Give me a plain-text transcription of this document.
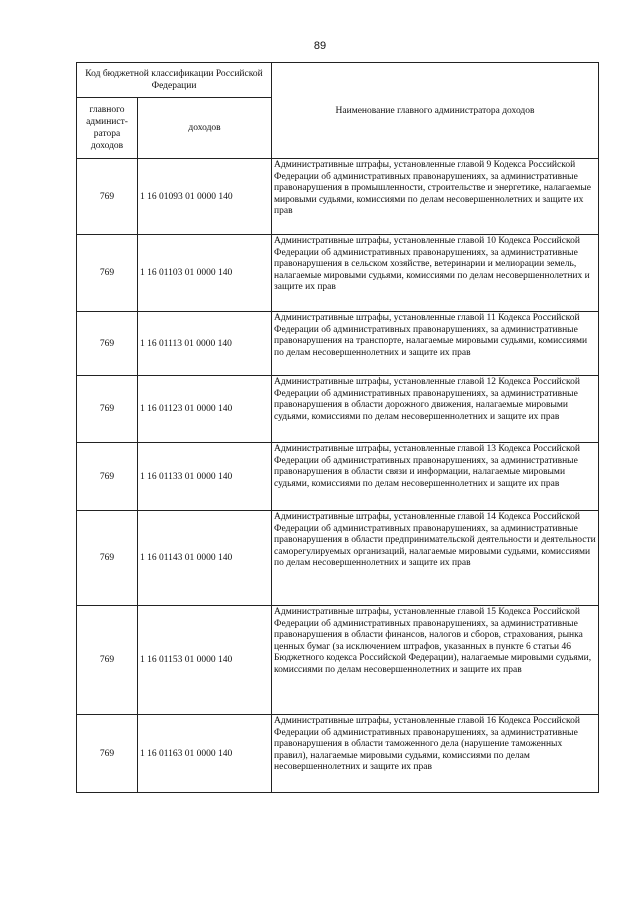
89
Код бюджетной классификации Российской Федерации		Наименование главного администратора доходов
главного админист-ратора доходов	доходов	
769	1 16 01093 01 0000 140	Административные штрафы, установленные главой 9 Кодекса Российской Федерации об административных правонарушениях, за административные правонарушения в промышленности, строительстве и энергетике, налагаемые мировыми судьями, комиссиями по делам несовершеннолетних и защите их прав
769	1 16 01103 01 0000 140	Административные штрафы, установленные главой 10 Кодекса Российской Федерации об административных правонарушениях, за административные правонарушения в сельском хозяйстве, ветеринарии и мелиорации земель, налагаемые мировыми судьями, комиссиями по делам несовершеннолетних и защите их прав
769	1 16 01113 01 0000 140	Административные штрафы, установленные главой 11 Кодекса Российской Федерации об административных правонарушениях, за административные правонарушения на транспорте, налагаемые мировыми судьями, комиссиями по делам несовершеннолетних и защите их прав
769	1 16 01123 01 0000 140	Административные штрафы, установленные главой 12 Кодекса Российской Федерации об административных правонарушениях, за административные правонарушения в области дорожного движения, налагаемые мировыми судьями, комиссиями по делам несовершеннолетних и защите их прав
769	1 16 01133 01 0000 140	Административные штрафы, установленные главой 13 Кодекса Российской Федерации об административных правонарушениях, за административные правонарушения в области связи и информации, налагаемые мировыми судьями, комиссиями по делам несовершеннолетних и защите их прав
769	1 16 01143 01 0000 140	Административные штрафы, установленные главой 14 Кодекса Российской Федерации об административных правонарушениях, за административные правонарушения в области предпринимательской деятельности и деятельности саморегулируемых организаций, налагаемые мировыми судьями, комиссиями по делам несовершеннолетних и защите их прав
769	1 16 01153 01 0000 140	Административные штрафы, установленные главой 15 Кодекса Российской Федерации об административных правонарушениях, за административные правонарушения в области финансов, налогов и сборов, страхования, рынка ценных бумаг (за исключением штрафов, указанных в пункте 6 статьи 46 Бюджетного кодекса Российской Федерации), налагаемые мировыми судьями, комиссиями по делам несовершеннолетних и защите их прав
769	1 16 01163 01 0000 140	Административные штрафы, установленные главой 16 Кодекса Российской Федерации об административных правонарушениях, за административные правонарушения в области таможенного дела (нарушение таможенных правил), налагаемые мировыми судьями, комиссиями по делам несовершеннолетних и защите их прав
